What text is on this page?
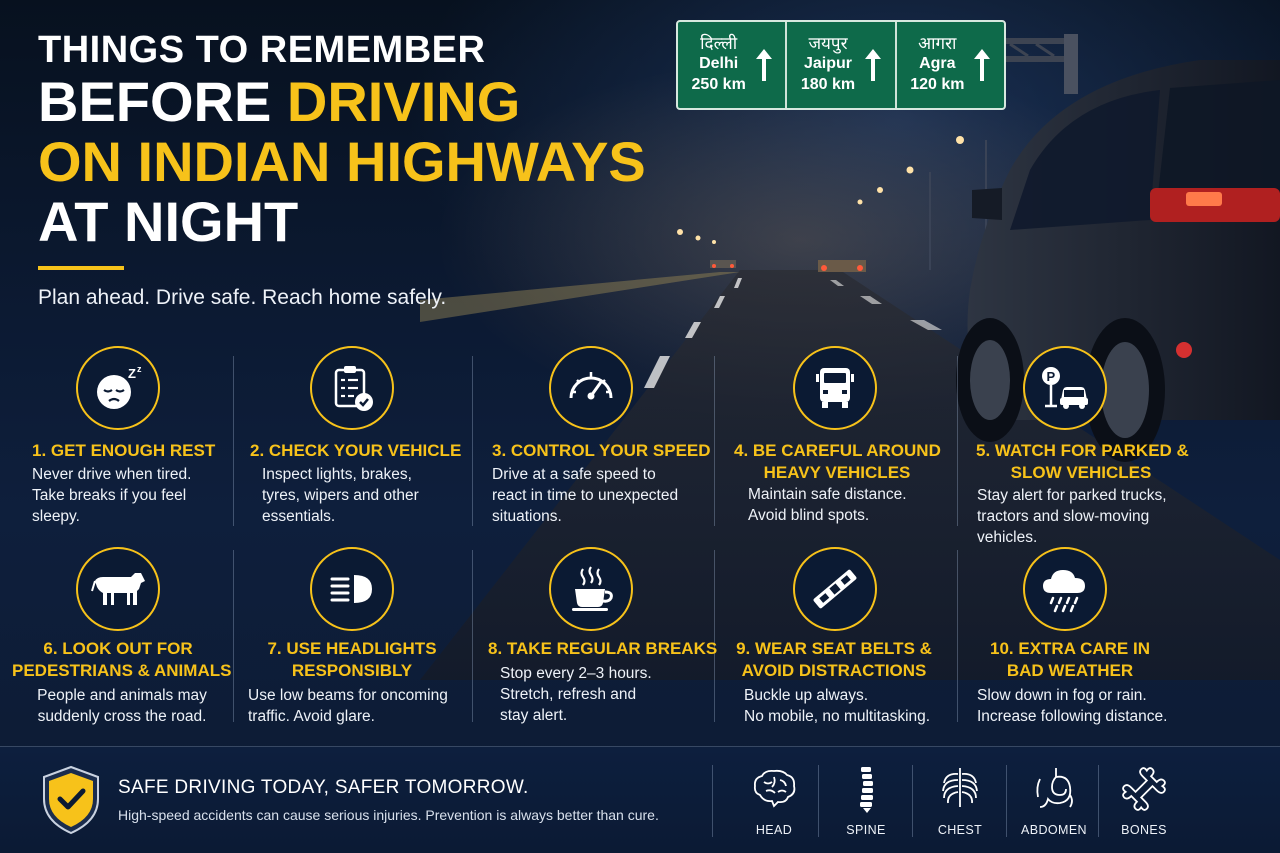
THINGS TO REMEMBER
BEFORE DRIVING
ON INDIAN HIGHWAYS
AT NIGHT
Plan ahead. Drive safe. Reach home safely.
दिल्ली
Delhi
250 km
जयपुर
Jaipur
180 km
आगरा
Agra
120 km
Z z
1. GET ENOUGH REST
Never drive when tired.
Take breaks if you feel
sleepy.
2. CHECK YOUR VEHICLE
Inspect lights, brakes,
tyres, wipers and other
essentials.
3. CONTROL YOUR SPEED
Drive at a safe speed to
react in time to unexpected
situations.
4. BE CAREFUL AROUND
HEAVY VEHICLES
Maintain safe distance.
Avoid blind spots.
P
5. WATCH FOR PARKED &
SLOW VEHICLES
Stay alert for parked trucks,
tractors and slow-moving
vehicles.
6. LOOK OUT FOR
PEDESTRIANS & ANIMALS
People and animals may
suddenly cross the road.
7. USE HEADLIGHTS
RESPONSIBLY
Use low beams for oncoming
traffic. Avoid glare.
8. TAKE REGULAR BREAKS
Stop every 2–3 hours.
Stretch, refresh and
stay alert.
9. WEAR SEAT BELTS &
AVOID DISTRACTIONS
Buckle up always.
No mobile, no multitasking.
10. EXTRA CARE IN
BAD WEATHER
Slow down in fog or rain.
Increase following distance.
SAFE DRIVING TODAY, SAFER TOMORROW.
High-speed accidents can cause serious injuries. Prevention is always better than cure.
HEAD	SPINE	CHEST	ABDOMEN	BONES
